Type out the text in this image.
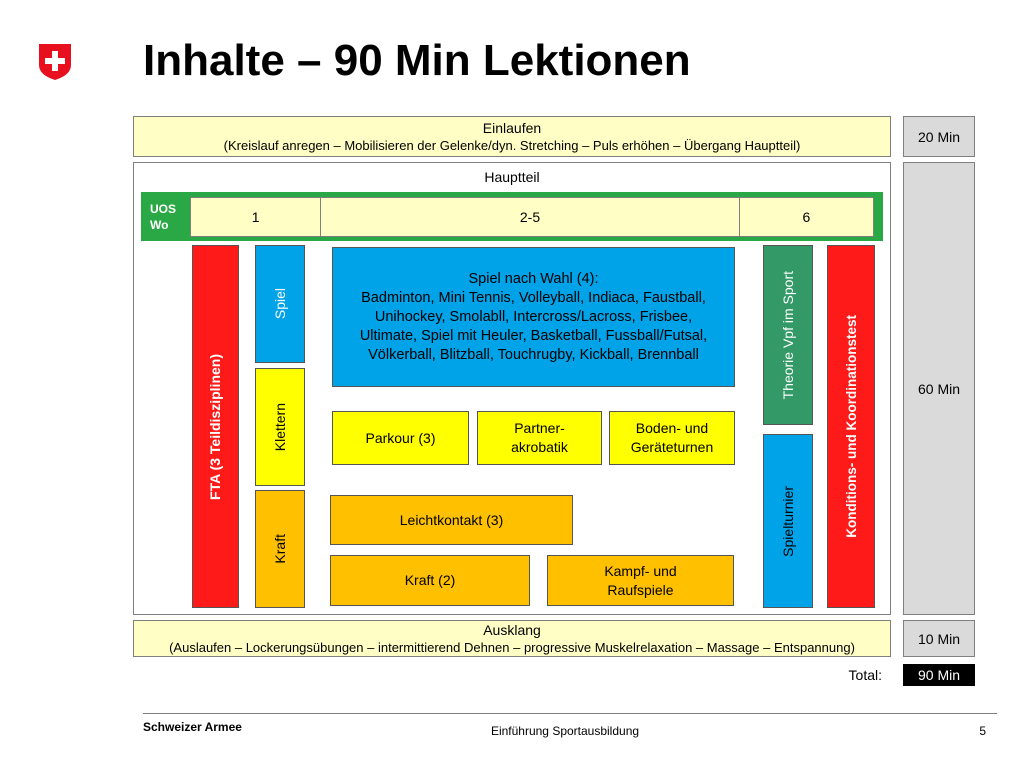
Inhalte – 90 Min Lektionen
Einlaufen
(Kreislauf anregen – Mobilisieren der Gelenke/dyn. Stretching – Puls erhöhen – Übergang Hauptteil)
20 Min
Hauptteil
60 Min
UOS
Wo	1	2-5	6
FTA (3 Teildisziplinen)
Spiel
Klettern
Kraft
Spiel nach Wahl (4):
Badminton, Mini Tennis, Volleyball, Indiaca, Faustball, Unihockey, Smolabll, Intercross/Lacross, Frisbee, Ultimate, Spiel mit Heuler, Basketball, Fussball/Futsal, Völkerball, Blitzball, Touchrugby, Kickball, Brennball
Parkour (3)
Partner-akrobatik
Boden- und Geräteturnen
Leichtkontakt (3)
Kraft (2)
Kampf- und Raufspiele
Theorie Vpf im Sport
Spielturnier	Konditions- und Koordinationstest
Ausklang
(Auslaufen – Lockerungsübungen – intermittierend Dehnen – progressive Muskelrelaxation – Massage – Entspannung)
10 Min
Total:	90 Min
Schweizer Armee	Einführung Sportausbildung	5
